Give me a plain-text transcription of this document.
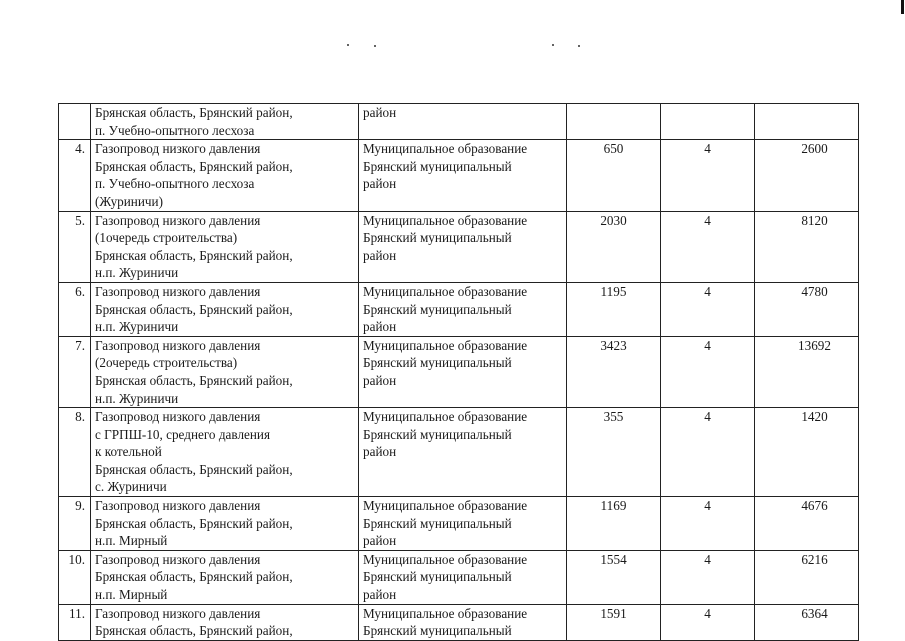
	Брянская область, Брянский район,
п. Учебно-опытного лесхоза	район			
4.	Газопровод низкого давления
Брянская область, Брянский район,
п. Учебно-опытного лесхоза
(Журиничи)	Муниципальное образование
Брянский муниципальный
район	650	4	2600
5.	Газопровод низкого давления
(1очередь строительства)
Брянская область, Брянский район,
н.п. Журиничи	Муниципальное образование
Брянский муниципальный
район	2030	4	8120
6.	Газопровод низкого давления
Брянская область, Брянский район,
н.п. Журиничи	Муниципальное образование
Брянский муниципальный
район	1195	4	4780
7.	Газопровод низкого давления
(2очередь строительства)
Брянская область, Брянский район,
н.п. Журиничи	Муниципальное образование
Брянский муниципальный
район	3423	4	13692
8.	Газопровод низкого давления
с ГРПШ-10, среднего давления
к котельной
Брянская область, Брянский район,
с. Журиничи	Муниципальное образование
Брянский муниципальный
район	355	4	1420
9.	Газопровод низкого давления
Брянская область, Брянский район,
н.п. Мирный	Муниципальное образование
Брянский муниципальный
район	1169	4	4676
10.	Газопровод низкого давления
Брянская область, Брянский район,
н.п. Мирный	Муниципальное образование
Брянский муниципальный
район	1554	4	6216
11.	Газопровод низкого давления
Брянская область, Брянский район,	Муниципальное образование
Брянский муниципальный	1591	4	6364
